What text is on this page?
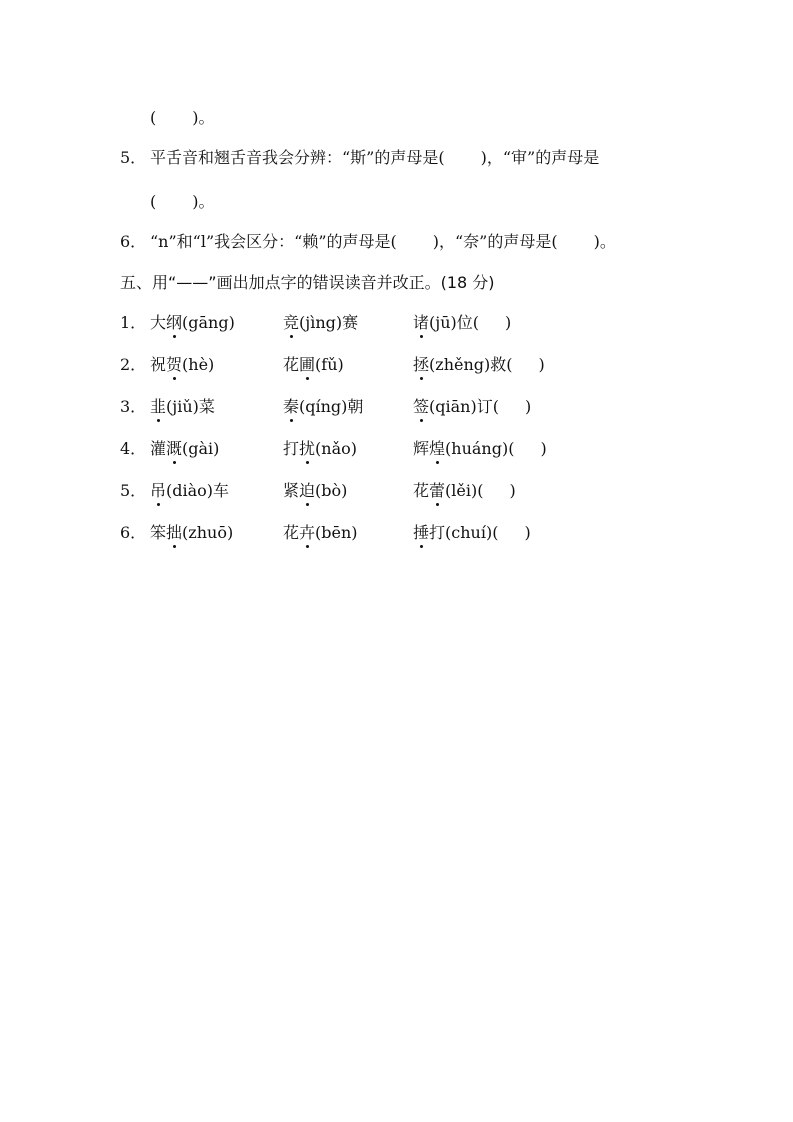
( )。
5． 平舌音和翘舌音我会分辨：“斯”的声母是( )，“审”的声母是
( )。
6． “n”和“l”我会区分：“赖”的声母是( )，“奈”的声母是( )。
五、用“——”画出加点字的错误读音并改正。(18 分)
1． 大纲(gāng)	竞(jìng)赛	诸(jū)位( )
2． 祝贺(hè)	花圃(fǔ)	拯(zhěng)救( )
3． 韭(jiǔ)菜	秦(qíng)朝	签(qiān)订( )
4． 灌溉(gài)	打扰(nǎo)	辉煌(huáng)( )
5． 吊(diào)车	紧迫(bò)	花蕾(lěi)( )
6． 笨拙(zhuō)	花卉(bēn)	捶打(chuí)( )
